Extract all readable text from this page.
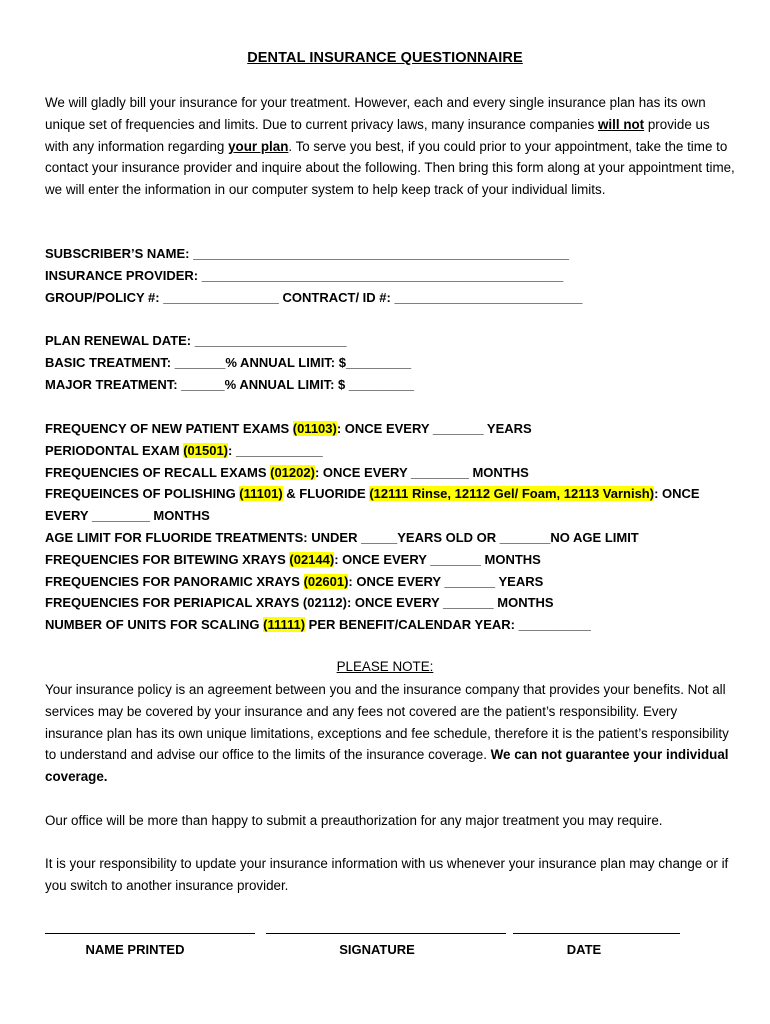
DENTAL INSURANCE QUESTIONNAIRE

We will gladly bill your insurance for your treatment. However, each and every single insurance plan has its own unique set of frequencies and limits. Due to current privacy laws, many insurance companies will not provide us with any information regarding your plan. To serve you best, if you could prior to your appointment, take the time to contact your insurance provider and inquire about the following. Then bring this form along at your appointment time, we will enter the information in our computer system to help keep track of your individual limits.

SUBSCRIBER’S NAME: ____________________________________________________
INSURANCE PROVIDER: __________________________________________________
GROUP/POLICY #: ________________ CONTRACT/ ID #: __________________________
PLAN RENEWAL DATE: _____________________
BASIC TREATMENT: _______% ANNUAL LIMIT: $_________
MAJOR TREATMENT: ______% ANNUAL LIMIT: $ _________
FREQUENCY OF NEW PATIENT EXAMS (01103): ONCE EVERY _______ YEARS
PERIODONTAL EXAM (01501): ____________
FREQUENCIES OF RECALL EXAMS (01202): ONCE EVERY ________ MONTHS
FREQUEINCES OF POLISHING (11101) & FLUORIDE (12111 Rinse, 12112 Gel/ Foam, 12113 Varnish): ONCE
EVERY ________ MONTHS
AGE LIMIT FOR FLUORIDE TREATMENTS: UNDER _____YEARS OLD OR _______NO AGE LIMIT
FREQUENCIES FOR BITEWING XRAYS (02144): ONCE EVERY _______ MONTHS
FREQUENCIES FOR PANORAMIC XRAYS (02601): ONCE EVERY _______ YEARS
FREQUENCIES FOR PERIAPICAL XRAYS (02112): ONCE EVERY _______ MONTHS
NUMBER OF UNITS FOR SCALING (11111) PER BENEFIT/CALENDAR YEAR: __________
PLEASE NOTE:

Your insurance policy is an agreement between you and the insurance company that provides your benefits. Not all services may be covered by your insurance and any fees not covered are the patient’s responsibility. Every insurance plan has its own unique limitations, exceptions and fee schedule, therefore it is the patient’s responsibility to understand and advise our office to the limits of the insurance coverage. We can not guarantee your individual coverage.

Our office will be more than happy to submit a preauthorization for any major treatment you may require.

It is your responsibility to update your insurance information with us whenever your insurance plan may change or if you switch to another insurance provider.

NAME PRINTED	SIGNATURE	DATE
